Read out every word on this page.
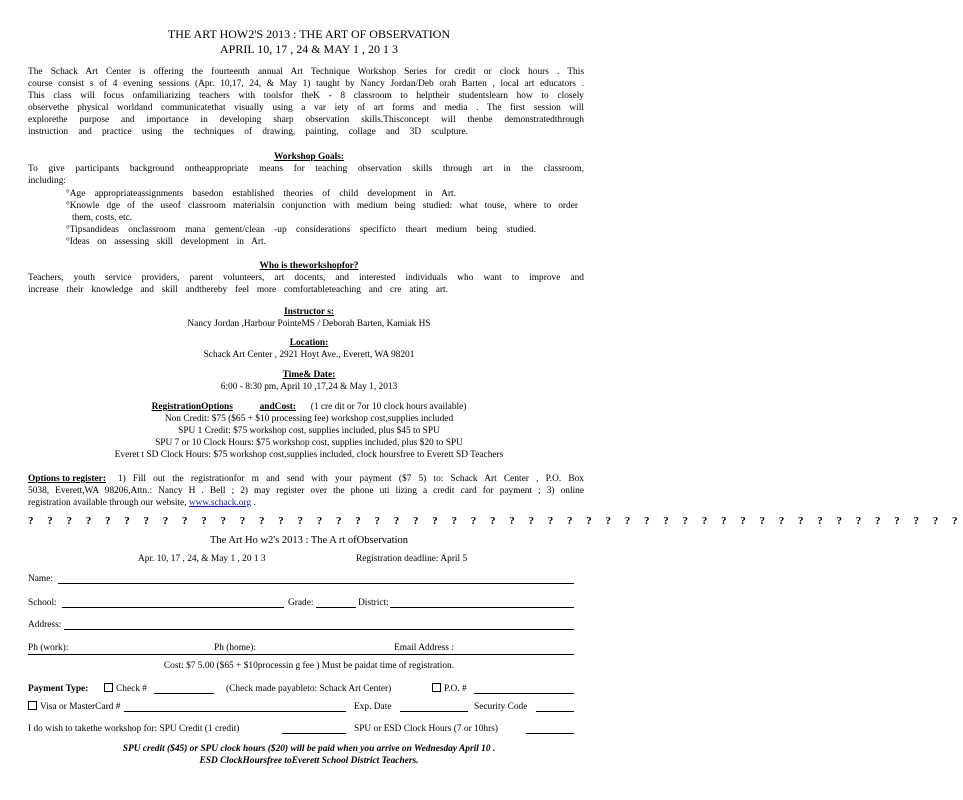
THE ART HOW2'S 2013 : THE ART OF OBSERVATION
APRIL 10, 17 , 24 & MAY 1 , 20 1 3
The Schack Art Center is offering the fourteenth annual Art Technique Workshop Series for credit or clock hours . This
course consist s of 4 evening sessions (Apr. 10,17, 24, & May 1) taught by Nancy Jordan/Deb orah Barten , local art educators .
This class will focus onfamiliarizing teachers with toolsfor theK - 8 classroom to helptheir studentslearn how to closely
observethe physical worldand communicatethat visually using a var iety of art forms and media . The first session will
explorethe purpose and importance in developing sharp observation skills.Thisconcept will thenbe demonstratedthrough
instruction and practice using the techniques of drawing, painting, collage and 3D sculpture.
Workshop Goals:
To give participants background ontheappropriate means for teaching observation skills through art in the classroom,
including:
°Age appropriateassignments basedon established theories of child development in Art.
°Knowle dge of the useof classroom materialsin conjunction with medium being studied: what touse, where to order
them, costs, etc.
°Tipsandideas onclassroom mana gement/clean -up considerations specificto theart medium being studied.
°Ideas on assessing skill development in Art.
Who is theworkshopfor?
Teachers, youth service providers, parent volunteers, art docents, and interested individuals who want to improve and
increase their knowledge and skill andthereby feel more comfortableteaching and cre ating art.
Instructor s:
Nancy Jordan ,Harbour PointeMS / Deborah Barten, Kamiak HS
Location:
Schack Art Center , 2921 Hoyt Ave., Everett, WA 98201
Time& Date:
6:00 - 8:30 pm, April 10 ,17,24 & May 1, 2013
RegistrationOptions	andCost: (1 cre dit or 7or 10 clock hours available)
Non Credit: $75 ($65 + $10 processing fee) workshop cost,supplies included
SPU 1 Credit: $75 workshop cost, supplies included, plus $45 to SPU
SPU 7 or 10 Clock Hours: $75 workshop cost, supplies included, plus $20 to SPU
Everet t SD Clock Hours: $75 workshop cost,supplies included, clock hoursfree to Everett SD Teachers
Options to register: 1) Fill out the registrationfor m and send with your payment ($7 5) to: Schack Art Center , P.O. Box
5038, Everett,WA 98206,Attn.: Nancy H . Bell ; 2) may register over the phone uti lizing a credit card for payment ; 3) online
registration available through our website, www.schack.org .
? ? ? ? ? ? ? ? ? ? ? ? ? ? ? ? ? ? ? ? ? ? ? ? ? ? ? ? ? ? ? ? ? ? ? ? ? ? ? ? ? ? ? ? ? ? ? ? ?
The Art Ho w2's 2013 : The A rt ofObservation
Apr. 10, 17 , 24, & May 1 , 20 1 3	Registration deadline: April 5
Name:
School:	Grade:	District:
Address:
Ph (work):	Ph (home):	Email Address :
Cost: $7 5.00 ($65 + $10processin g fee ) Must be paidat time of registration.
Payment Type:	Check #	(Check made payableto: Schack Art Center)	P.O. #
Visa or MasterCard #	Exp. Date	Security Code
I do wish to takethe workshop for: SPU Credit (1 credit)	SPU or ESD Clock Hours (7 or 10hrs)
SPU credit ($45) or SPU clock hours ($20) will be paid when you arrive on Wednesday April 10 .
ESD ClockHoursfree toEverett School District Teachers.
